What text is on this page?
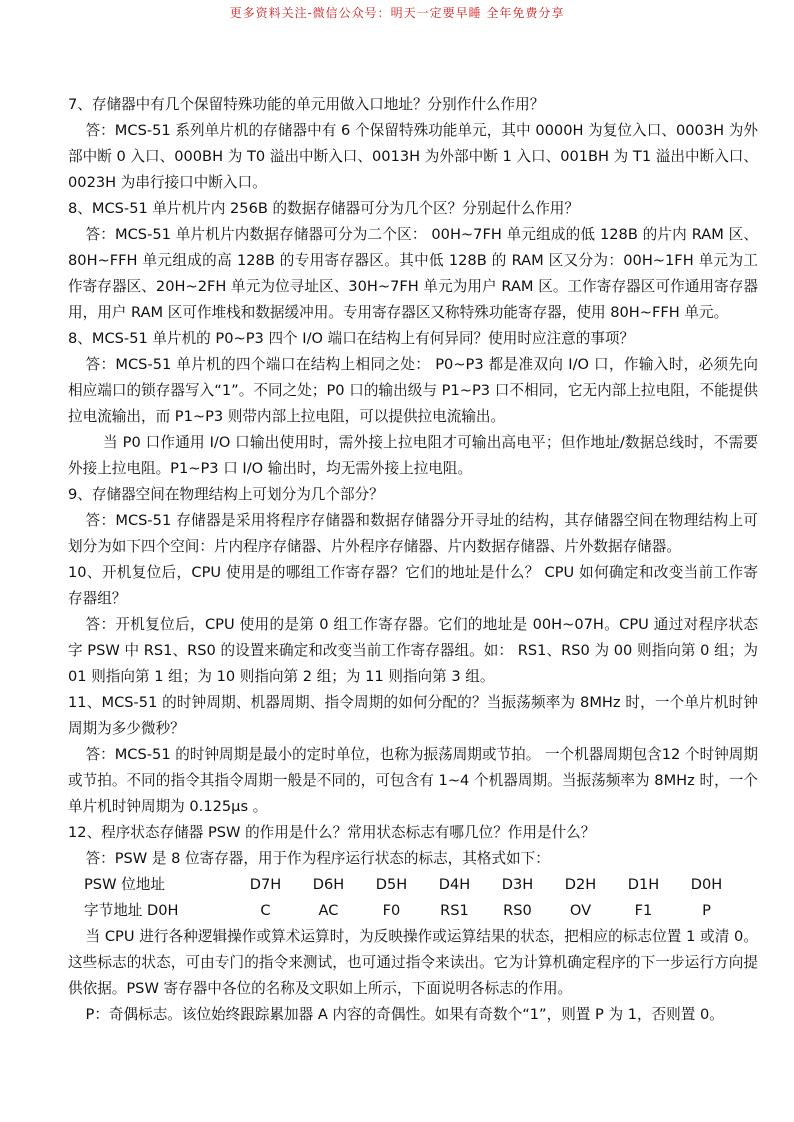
更多资料关注-微信公众号：明天一定要早睡 全年免费分享

7、存储器中有几个保留特殊功能的单元用做入口地址？分别作什么作用？

答：MCS-51 系列单片机的存储器中有 6 个保留特殊功能单元，其中 0000H 为复位入口、0003H 为外部中断 0 入口、000BH 为 T0 溢出中断入口、0013H 为外部中断 1 入口、001BH 为 T1 溢出中断入口、0023H 为串行接口中断入口。

8、MCS-51 单片机片内 256B 的数据存储器可分为几个区？分别起什么作用？

答：MCS-51 单片机片内数据存储器可分为二个区： 00H~7FH 单元组成的低 128B 的片内 RAM 区、80H~FFH 单元组成的高 128B 的专用寄存器区。其中低 128B 的 RAM 区又分为：00H~1FH 单元为工作寄存器区、20H~2FH 单元为位寻址区、30H~7FH 单元为用户 RAM 区。工作寄存器区可作通用寄存器用，用户 RAM 区可作堆栈和数据缓冲用。专用寄存器区又称特殊功能寄存器，使用 80H~FFH 单元。

8、MCS-51 单片机的 P0~P3 四个 I/O 端口在结构上有何异同？使用时应注意的事项？

答：MCS-51 单片机的四个端口在结构上相同之处： P0~P3 都是准双向 I/O 口，作输入时，必须先向相应端口的锁存器写入“1”。不同之处；P0 口的输出级与 P1~P3 口不相同，它无内部上拉电阻，不能提供拉电流输出，而 P1~P3 则带内部上拉电阻，可以提供拉电流输出。

当 P0 口作通用 I/O 口输出使用时，需外接上拉电阻才可输出高电平；但作地址/数据总线时，不需要外接上拉电阻。P1~P3 口 I/O 输出时，均无需外接上拉电阻。

9、存储器空间在物理结构上可划分为几个部分？

答：MCS-51 存储器是采用将程序存储器和数据存储器分开寻址的结构，其存储器空间在物理结构上可划分为如下四个空间：片内程序存储器、片外程序存储器、片内数据存储器、片外数据存储器。

10、开机复位后，CPU 使用是的哪组工作寄存器？它们的地址是什么？ CPU 如何确定和改变当前工作寄存器组？

答：开机复位后，CPU 使用的是第 0 组工作寄存器。它们的地址是 00H~07H。CPU 通过对程序状态字 PSW 中 RS1、RS0 的设置来确定和改变当前工作寄存器组。如： RS1、RS0 为 00 则指向第 0 组；为 01 则指向第 1 组；为 10 则指向第 2 组；为 11 则指向第 3 组。

11、MCS-51 的时钟周期、机器周期、指令周期的如何分配的？当振荡频率为 8MHz 时，一个单片机时钟周期为多少微秒？

答：MCS-51 的时钟周期是最小的定时单位，也称为振荡周期或节拍。 一个机器周期包含12 个时钟周期或节拍。不同的指令其指令周期一般是不同的，可包含有 1~4 个机器周期。当振荡频率为 8MHz 时，一个单片机时钟周期为 0.125μs 。

12、程序状态存储器 PSW 的作用是什么？常用状态标志有哪几位？作用是什么？

答：PSW 是 8 位寄存器，用于作为程序运行状态的标志，其格式如下：

PSW 位地址	D7H	D6H	D5H	D4H	D3H	D2H	D1H	D0H
字节地址 D0H	C	AC	F0	RS1	RS0	OV	F1	P

当 CPU 进行各种逻辑操作或算术运算时，为反映操作或运算结果的状态，把相应的标志位置 1 或清 0。这些标志的状态，可由专门的指令来测试，也可通过指令来读出。它为计算机确定程序的下一步运行方向提供依据。PSW 寄存器中各位的名称及文职如上所示，下面说明各标志的作用。

P：奇偶标志。该位始终跟踪累加器 A 内容的奇偶性。如果有奇数个“1”，则置 P 为 1，否则置 0。
